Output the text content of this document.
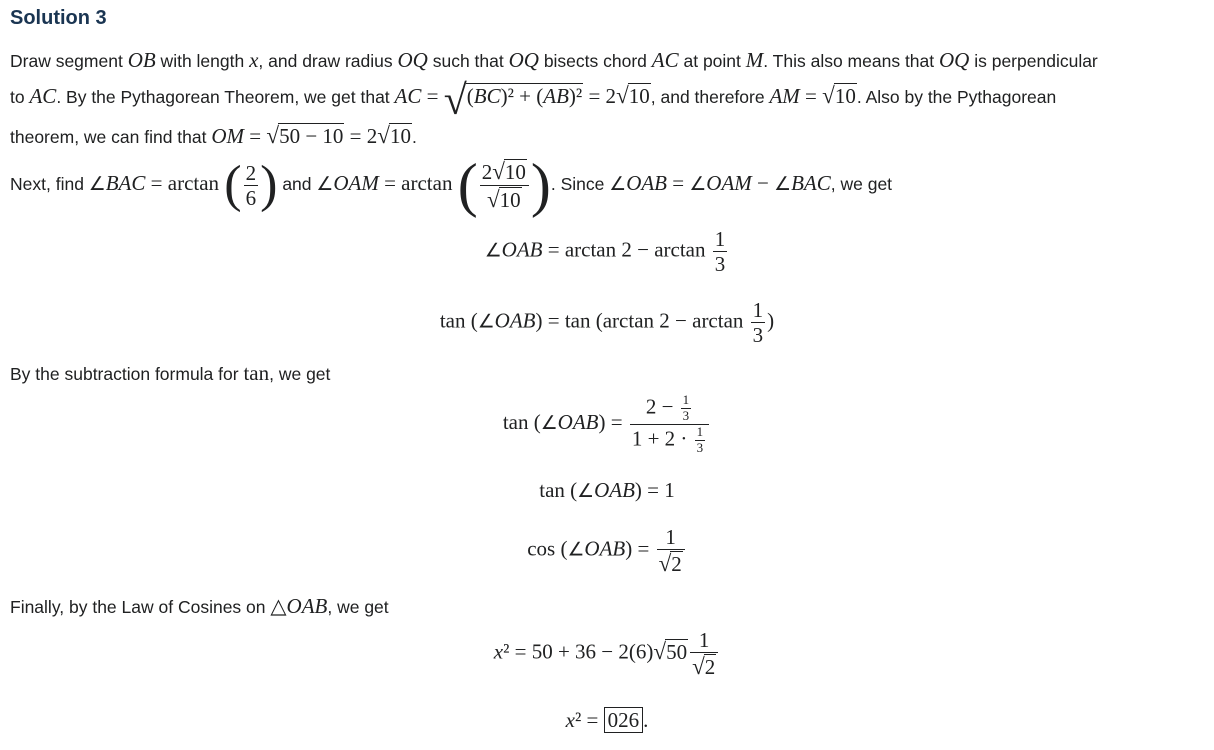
Solution 3
Draw segment OB with length x, and draw radius OQ such that OQ bisects chord AC at point M. This also means that OQ is perpendicular
to AC. By the Pythagorean Theorem, we get that AC = √(BC)² + (AB)² = 2√10, and therefore AM = √10. Also by the Pythagorean
theorem, we can find that OM = √50 − 10 = 2√10.
Next, find ∠BAC = arctan ( $\frac{2}{6}$ ) and ∠OAM = arctan ( $\frac{2√10}{√10}$ ). Since ∠OAB = ∠OAM − ∠BAC, we get
∠OAB = $\arctan 2 - \arctan \frac{1}{3}$
tan (∠OAB) = tan (arctan $2 - \arctan \frac{1}{3}$ )
By the subtraction formula for tan, we get
tan (∠OAB) = $\frac{2 - \frac{1}{3}}{1 + 2 \cdot \frac{1}{3}}$
tan (∠OAB) = 1
cos (∠OAB) = $\frac{1}{√2}$
Finally, by the Law of Cosines on △OAB, we get
$x^2 = 50 + 36 - 2(6)√50 \frac{1}{√2}$
x² = 026 .
